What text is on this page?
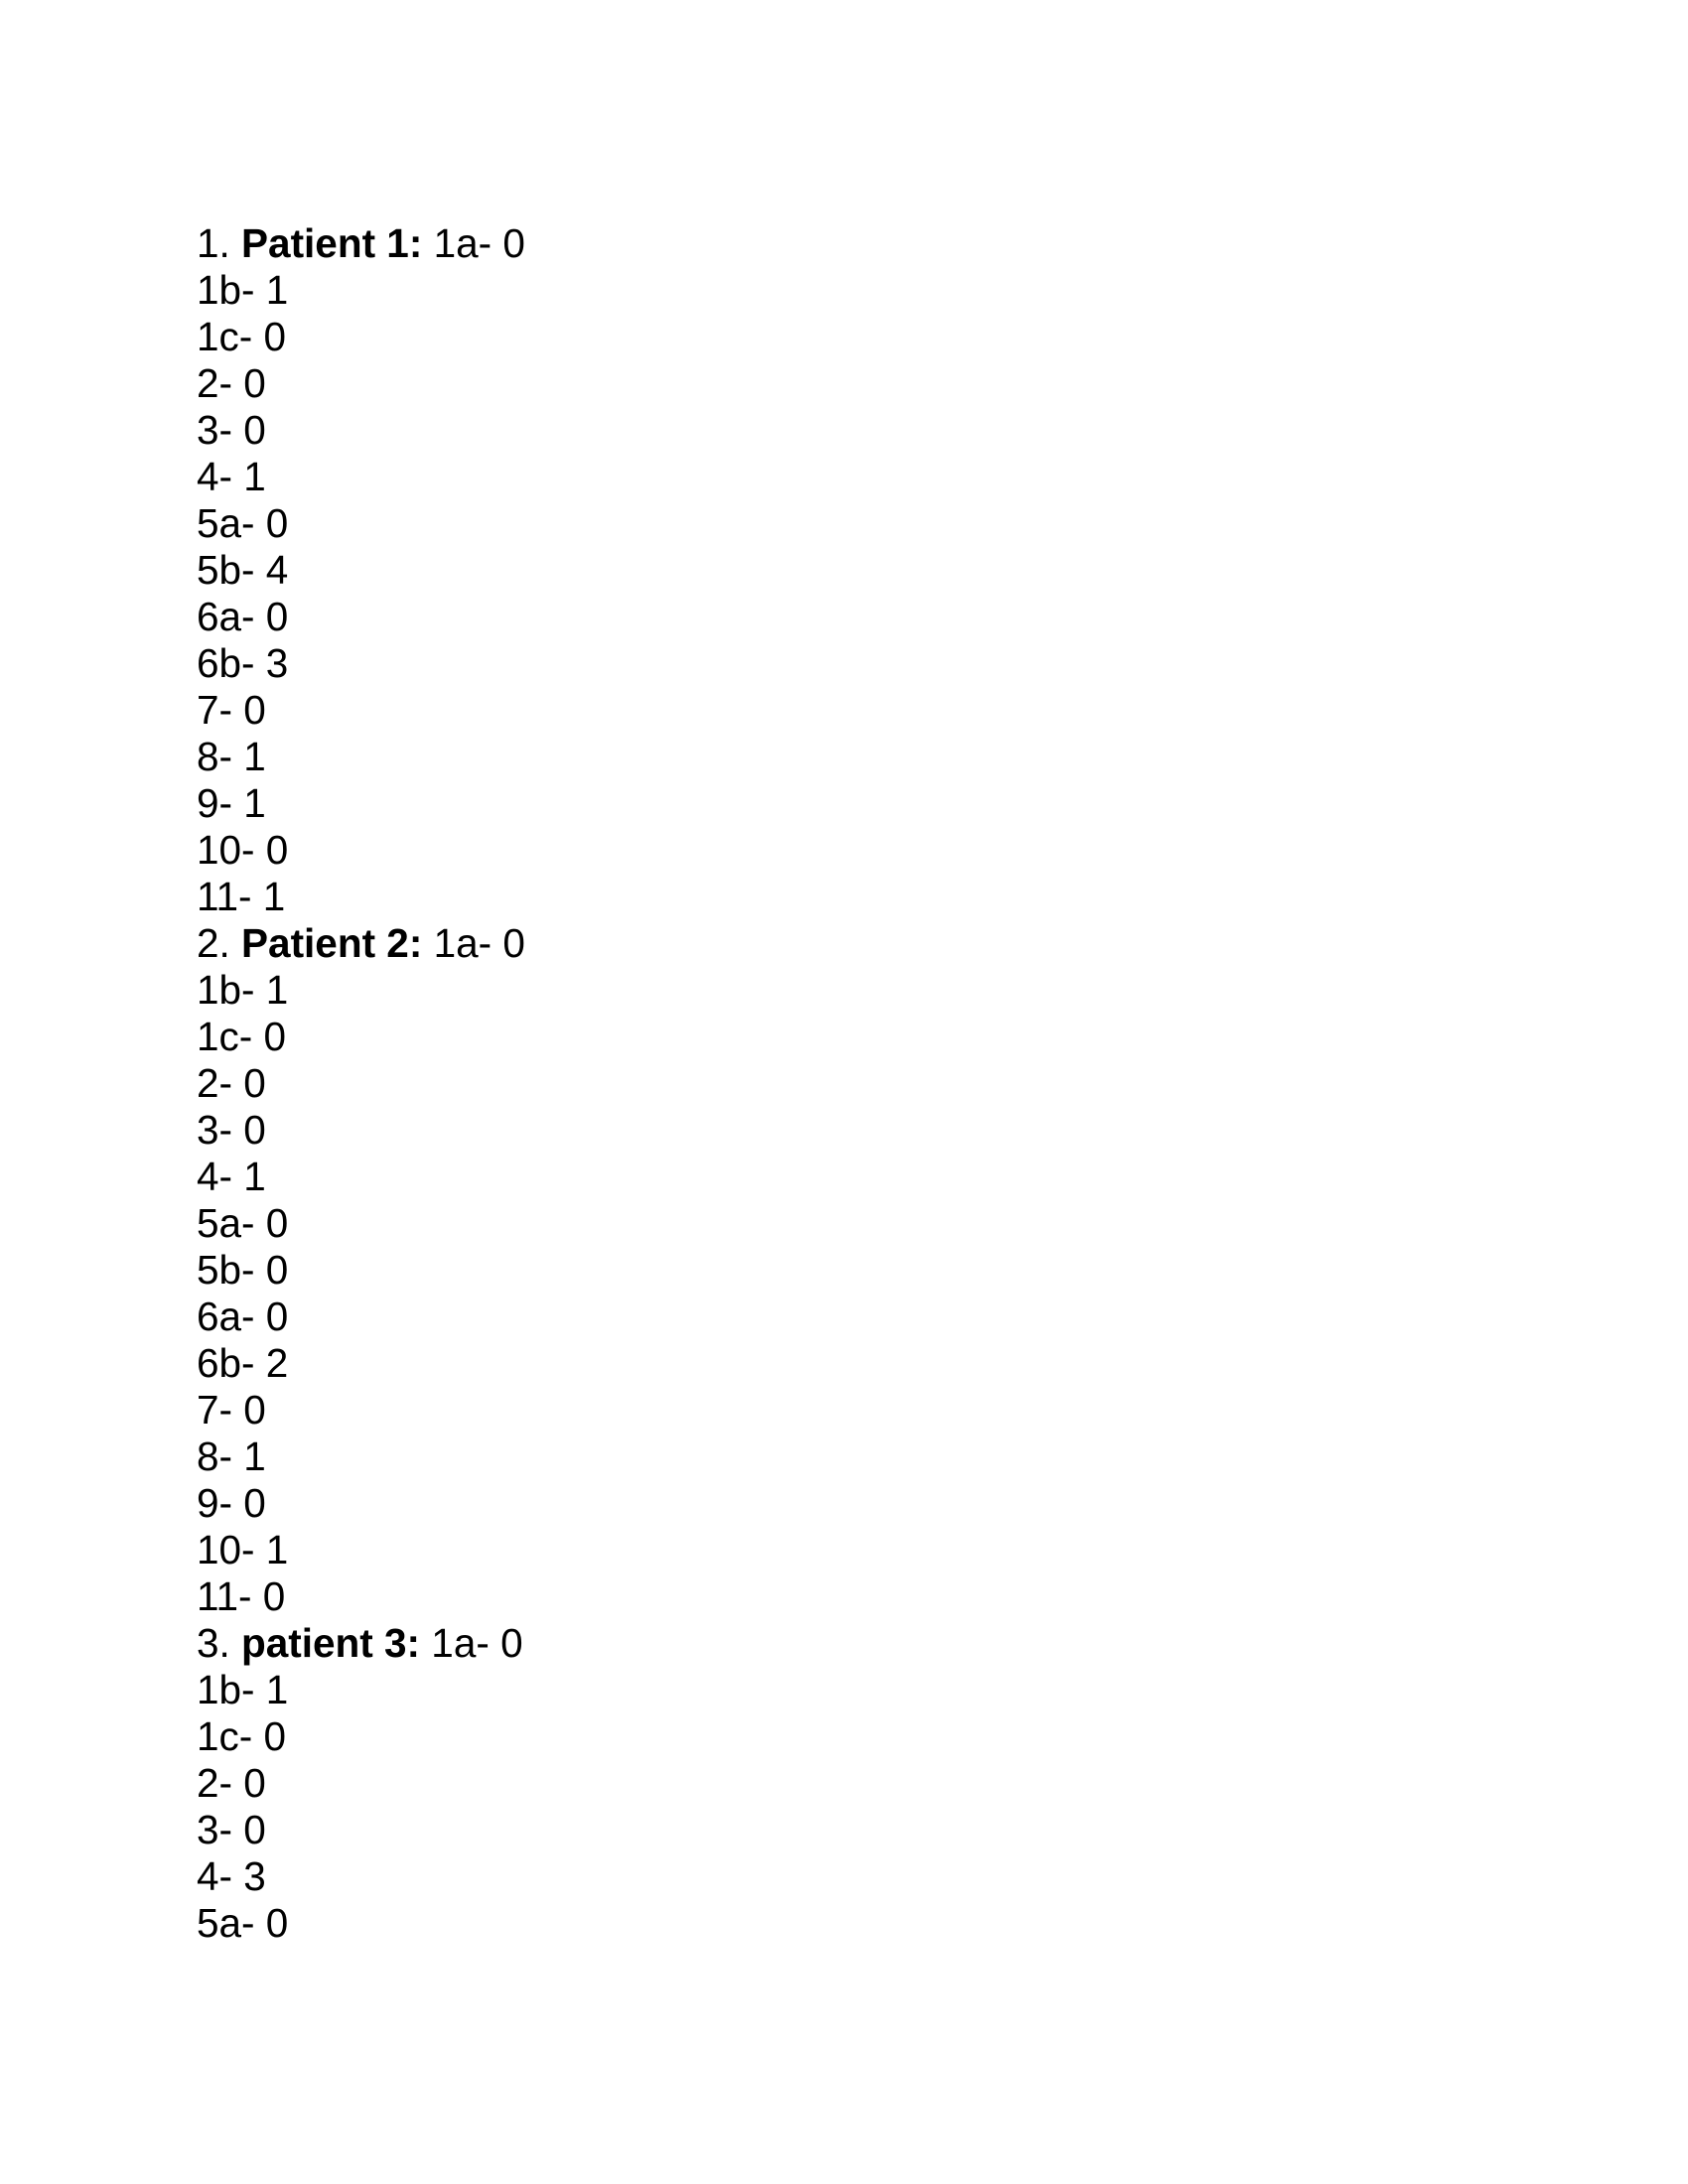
1. Patient 1: 1a- 0
1b- 1
1c- 0
2- 0
3- 0
4- 1
5a- 0
5b- 4
6a- 0
6b- 3
7- 0
8- 1
9- 1
10- 0
11- 1
2. Patient 2: 1a- 0
1b- 1
1c- 0
2- 0
3- 0
4- 1
5a- 0
5b- 0
6a- 0
6b- 2
7- 0
8- 1
9- 0
10- 1
11- 0
3. patient 3: 1a- 0
1b- 1
1c- 0
2- 0
3- 0
4- 3
5a- 0
